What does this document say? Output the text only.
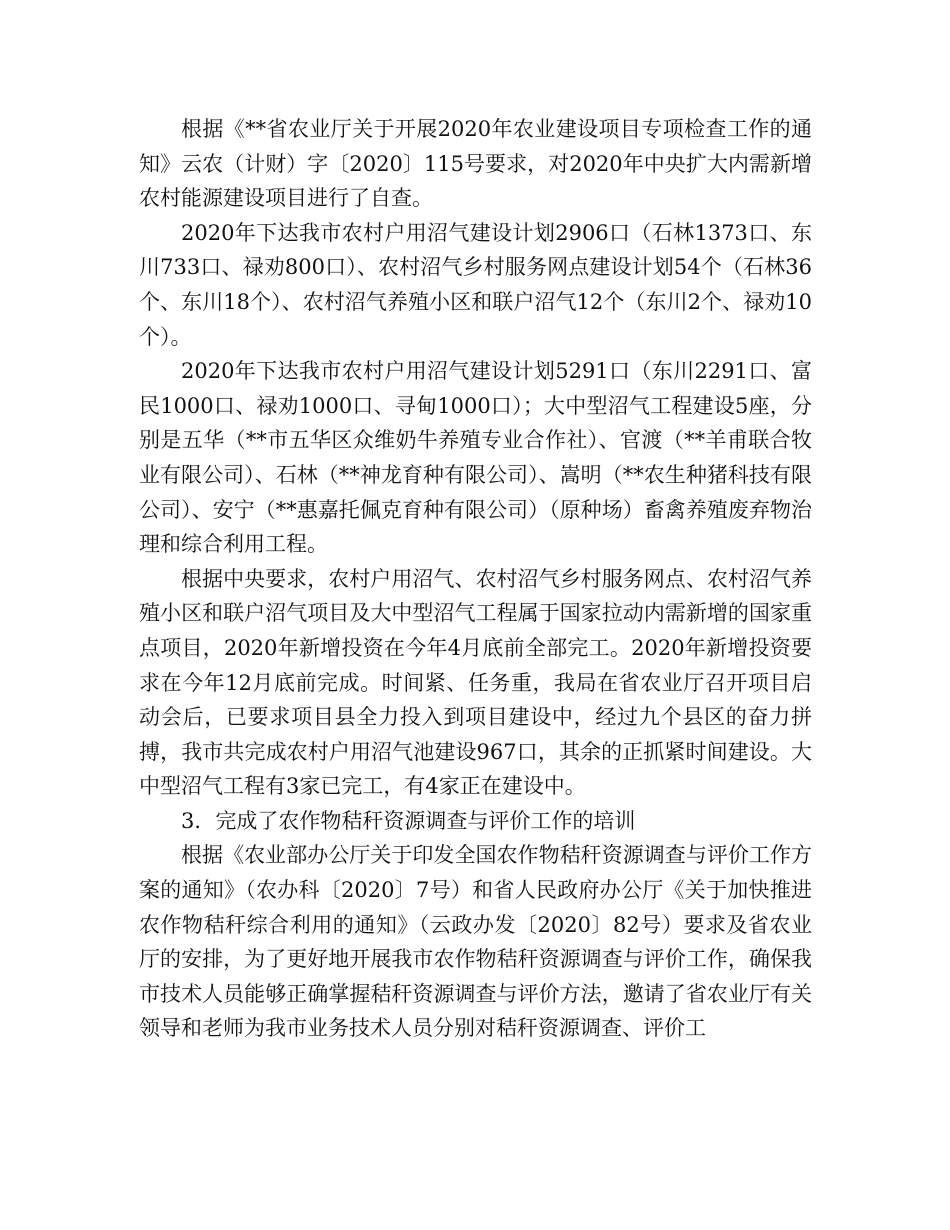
根据《**省农业厅关于开展2020年农业建设项目专项检查工作的通知》云农（计财）字〔2020〕115号要求，对2020年中央扩大内需新增农村能源建设项目进行了自查。

2020年下达我市农村户用沼气建设计划2906口（石林1373口、东川733口、禄劝800口）、农村沼气乡村服务网点建设计划54个（石林36个、东川18个）、农村沼气养殖小区和联户沼气12个（东川2个、禄劝10个）。

2020年下达我市农村户用沼气建设计划5291口（东川2291口、富民1000口、禄劝1000口、寻甸1000口）；大中型沼气工程建设5座，分别是五华（**市五华区众维奶牛养殖专业合作社）、官渡（**羊甫联合牧业有限公司）、石林（**神龙育种有限公司）、嵩明（**农生种猪科技有限公司）、安宁（**惠嘉托佩克育种有限公司）（原种场）畜禽养殖废弃物治理和综合利用工程。

根据中央要求，农村户用沼气、农村沼气乡村服务网点、农村沼气养殖小区和联户沼气项目及大中型沼气工程属于国家拉动内需新增的国家重点项目，2020年新增投资在今年4月底前全部完工。2020年新增投资要求在今年12月底前完成。时间紧、任务重，我局在省农业厅召开项目启动会后，已要求项目县全力投入到项目建设中，经过九个县区的奋力拼搏，我市共完成农村户用沼气池建设967口，其余的正抓紧时间建设。大中型沼气工程有3家已完工，有4家正在建设中。

3．完成了农作物秸秆资源调查与评价工作的培训

根据《农业部办公厅关于印发全国农作物秸秆资源调查与评价工作方案的通知》（农办科〔2020〕7号）和省人民政府办公厅《关于加快推进农作物秸秆综合利用的通知》（云政办发〔2020〕82号）要求及省农业厅的安排，为了更好地开展我市农作物秸秆资源调查与评价工作，确保我市技术人员能够正确掌握秸秆资源调查与评价方法，邀请了省农业厅有关领导和老师为我市业务技术人员分别对秸秆资源调查、评价工
